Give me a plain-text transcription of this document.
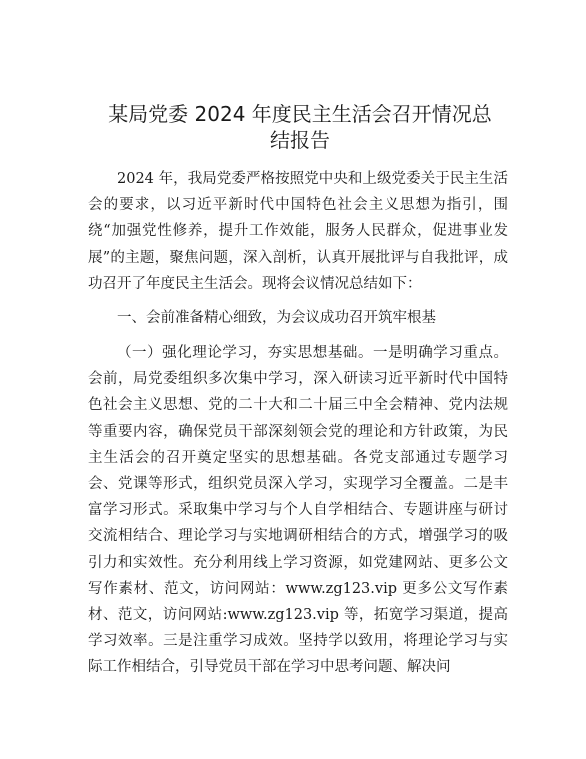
某局党委 2024 年度民主生活会召开情况总结报告

2024 年，我局党委严格按照党中央和上级党委关于民主生活会的要求，以习近平新时代中国特色社会主义思想为指引，围绕“加强党性修养，提升工作效能，服务人民群众，促进事业发展”的主题，聚焦问题，深入剖析，认真开展批评与自我批评，成功召开了年度民主生活会。现将会议情况总结如下：

一、会前准备精心细致，为会议成功召开筑牢根基

（一）强化理论学习，夯实思想基础。一是明确学习重点。会前，局党委组织多次集中学习，深入研读习近平新时代中国特色社会主义思想、党的二十大和二十届三中全会精神、党内法规等重要内容，确保党员干部深刻领会党的理论和方针政策，为民主生活会的召开奠定坚实的思想基础。各党支部通过专题学习会、党课等形式，组织党员深入学习，实现学习全覆盖。二是丰富学习形式。采取集中学习与个人自学相结合、专题讲座与研讨交流相结合、理论学习与实地调研相结合的方式，增强学习的吸引力和实效性。充分利用线上学习资源，如党建网站、更多公文写作素材、范文，访问网站：www.zg123.vip 更多公文写作素材、范文，访问网站:www.zg123.vip 等，拓宽学习渠道，提高学习效率。三是注重学习成效。坚持学以致用，将理论学习与实际工作相结合，引导党员干部在学习中思考问题、解决问
